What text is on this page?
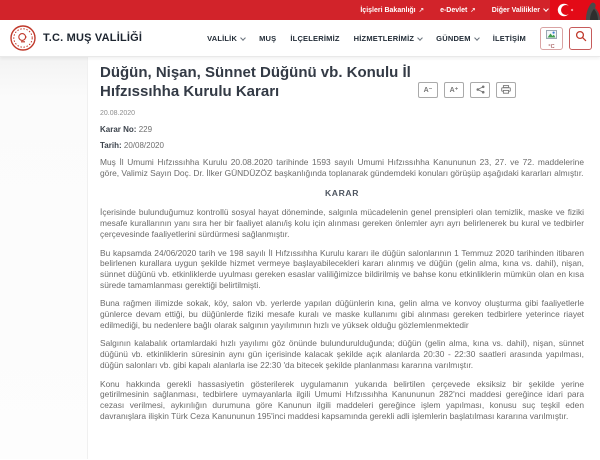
İçişleri Bakanlığı ↗ e-Devlet ↗ Diğer Valilikler
T.C. MUŞ VALİLİĞİ	VALİLİK	MUŞ İLÇELERİMİZ HİZMETLERİMİZ	GÜNDEM	İLETİŞİM
°C
Düğün, Nişan, Sünnet Düğünü vb. Konulu İl Hıfzıssıhha Kurulu Kararı	A⁻	A⁺
20.08.2020
Karar No: 229
Tarih: 20/08/2020

Muş İl Umumi Hıfzıssıhha Kurulu 20.08.2020 tarihinde 1593 sayılı Umumi Hıfzıssıhha Kanununun 23, 27. ve 72. maddelerine göre, Valimiz Sayın Doç. Dr. İlker GÜNDÜZÖZ başkanlığında toplanarak gündemdeki konuları görüşüp aşağıdaki kararları almıştır.

KARAR

İçerisinde bulunduğumuz kontrollü sosyal hayat döneminde, salgınla mücadelenin genel prensipleri olan temizlik, maske ve fiziki mesafe kurallarının yanı sıra her bir faaliyet alanı/iş kolu için alınması gereken önlemler ayrı ayrı belirlenerek bu kural ve tedbirler çerçevesinde faaliyetlerini sürdürmesi sağlanmıştır.

Bu kapsamda 24/06/2020 tarih ve 198 sayılı İl Hıfzıssıhha Kurulu kararı ile düğün salonlarının 1 Temmuz 2020 tarihinden itibaren belirlenen kurallara uygun şekilde hizmet vermeye başlayabilecekleri kararı alınmış ve düğün (gelin alma, kına vs. dahil), nişan, sünnet düğünü vb. etkinliklerde uyulması gereken esaslar valiliğimizce bildirilmiş ve bahse konu etkinliklerin mümkün olan en kısa sürede tamamlanması gerektiği belirtilmişti.

Buna rağmen ilimizde sokak, köy, salon vb. yerlerde yapılan düğünlerin kına, gelin alma ve konvoy oluşturma gibi faaliyetlerle günlerce devam ettiği, bu düğünlerde fiziki mesafe kuralı ve maske kullanımı gibi alınması gereken tedbirlere yeterince riayet edilmediği, bu nedenlere bağlı olarak salgının yayılımının hızlı ve yüksek olduğu gözlemlenmektedir

Salgının kalabalık ortamlardaki hızlı yayılımı göz önünde bulundurulduğunda; düğün (gelin alma, kına vs. dahil), nişan, sünnet düğünü vb. etkinliklerin süresinin aynı gün içerisinde kalacak şekilde açık alanlarda 20:30 - 22:30 saatleri arasında yapılması, düğün salonları vb. gibi kapalı alanlarla ise 22:30 'da bitecek şekilde planlanması kararına varılmıştır.

Konu hakkında gerekli hassasiyetin gösterilerek uygulamanın yukarıda belirtilen çerçevede eksiksiz bir şekilde yerine getirilmesinin sağlanması, tedbirlere uymayanlarla ilgili Umumi Hıfzıssıhha Kanununun 282'nci maddesi gereğince idari para cezası verilmesi, aykırılığın durumuna göre Kanunun ilgili maddeleri gereğince işlem yapılması, konusu suç teşkil eden davranışlara ilişkin Türk Ceza Kanununun 195'inci maddesi kapsamında gerekli adli işlemlerin başlatılması kararına varılmıştır.
